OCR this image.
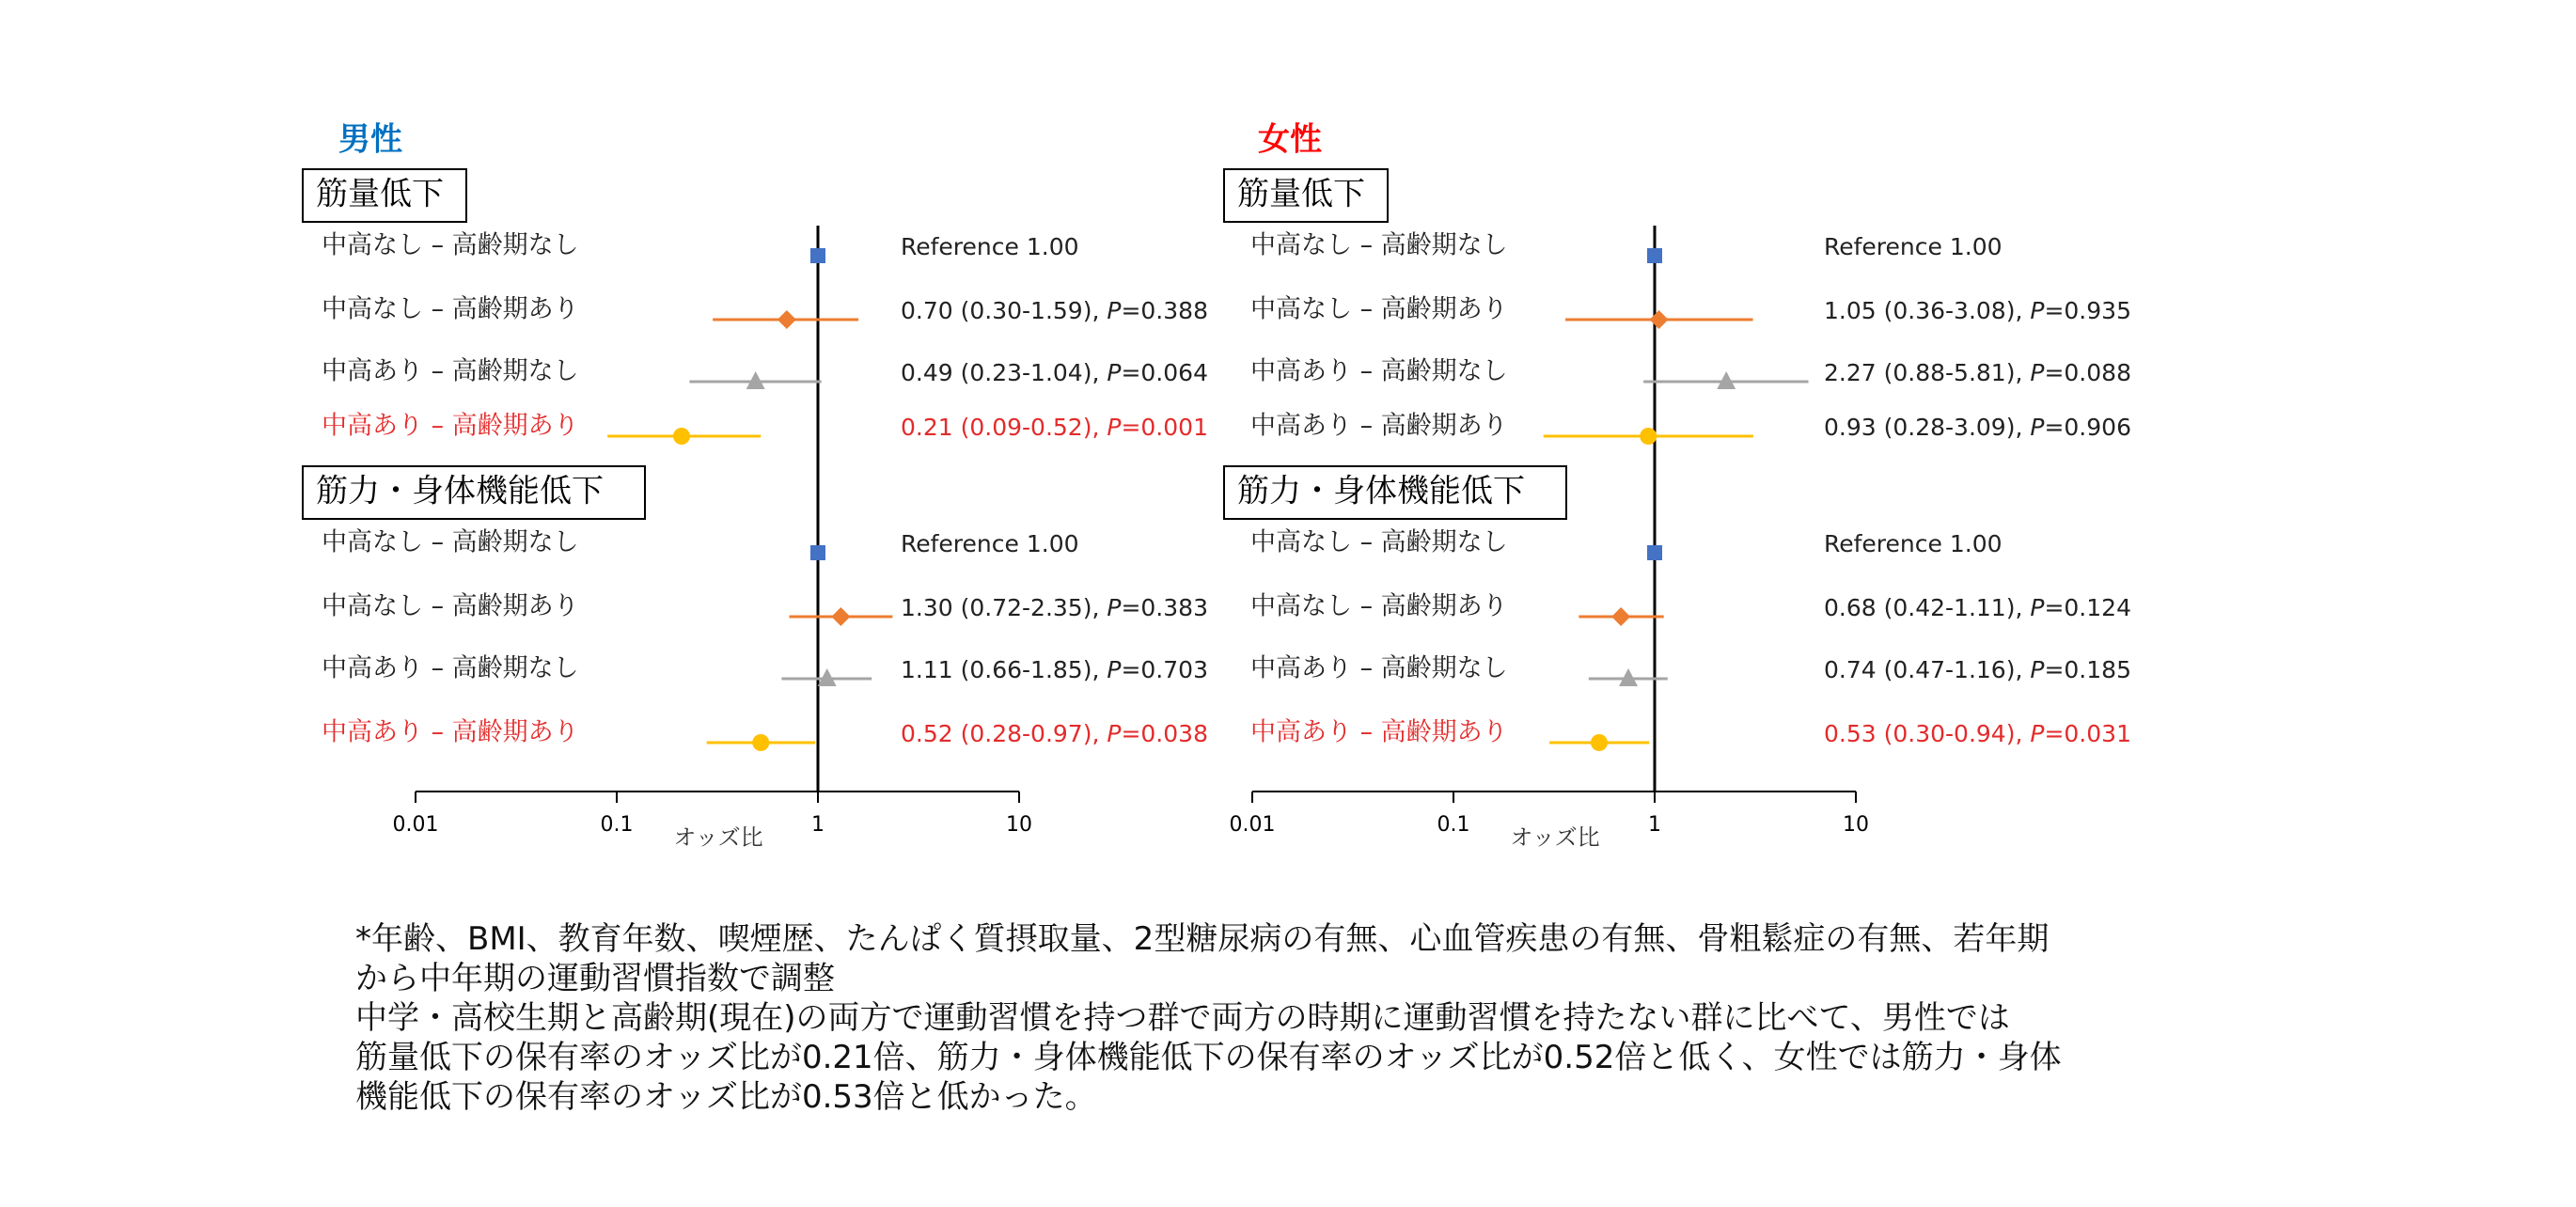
男性
0.01	0.1	1	10
オッズ比
筋量低下
中高なし – 高齢期なし	Reference 1.00
中高なし – 高齢期あり	0.70 (0.30-1.59), P=0.388
中高あり – 高齢期なし	0.49 (0.23-1.04), P=0.064
中高あり – 高齢期あり	0.21 (0.09-0.52), P=0.001
筋力・身体機能低下
中高なし – 高齢期なし	Reference 1.00
中高なし – 高齢期あり	1.30 (0.72-2.35), P=0.383
中高あり – 高齢期なし	1.11 (0.66-1.85), P=0.703
中高あり – 高齢期あり	0.52 (0.28-0.97), P=0.038
女性
0.01	0.1	1	10
オッズ比
筋量低下
中高なし – 高齢期なし	Reference 1.00
中高なし – 高齢期あり	1.05 (0.36-3.08), P=0.935
中高あり – 高齢期なし	2.27 (0.88-5.81), P=0.088
中高あり – 高齢期あり	0.93 (0.28-3.09), P=0.906
筋力・身体機能低下
中高なし – 高齢期なし	Reference 1.00
中高なし – 高齢期あり	0.68 (0.42-1.11), P=0.124
中高あり – 高齢期なし	0.74 (0.47-1.16), P=0.185
中高あり – 高齢期あり	0.53 (0.30-0.94), P=0.031
*年齢、BMI、教育年数、喫煙歴、たんぱく質摂取量、2型糖尿病の有無、心血管疾患の有無、骨粗鬆症の有無、若年期
から中年期の運動習慣指数で調整
中学・高校生期と高齢期(現在)の両方で運動習慣を持つ群で両方の時期に運動習慣を持たない群に比べて、男性では
筋量低下の保有率のオッズ比が0.21倍、筋力・身体機能低下の保有率のオッズ比が0.52倍と低く、女性では筋力・身体
機能低下の保有率のオッズ比が0.53倍と低かった。
